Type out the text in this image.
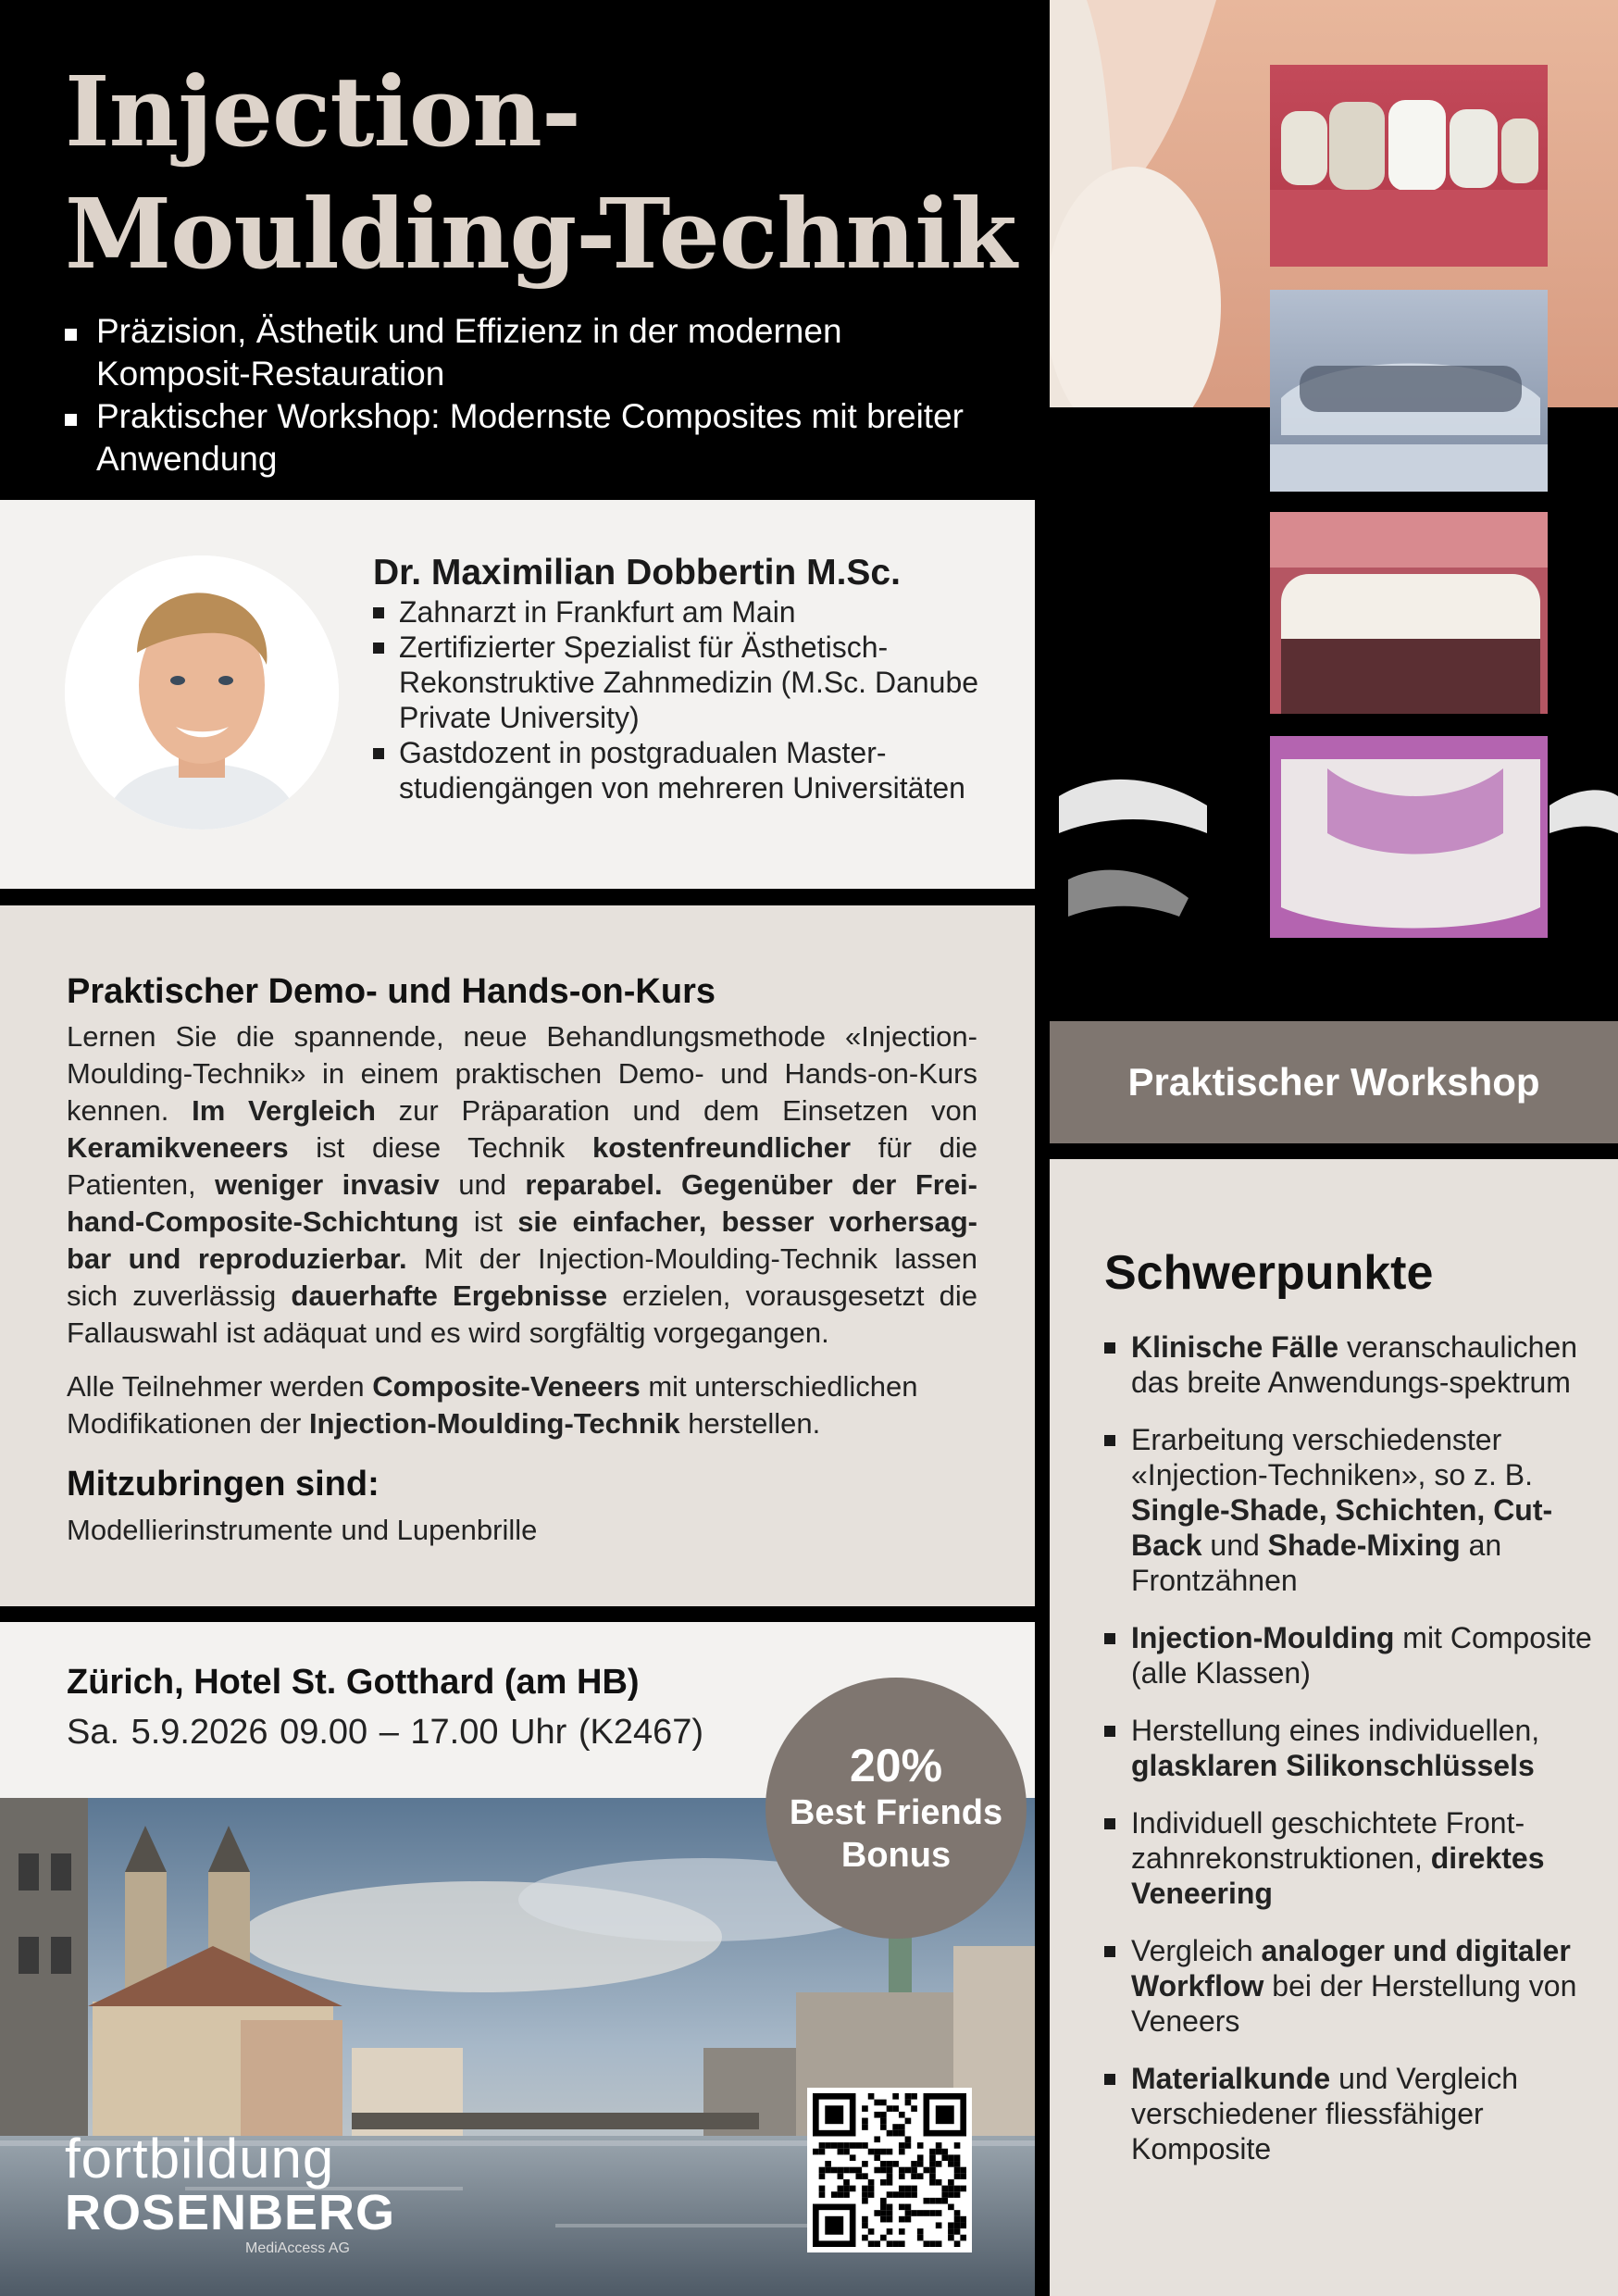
Injection-
Moulding-Technik
Präzision, Ästhetik und Effizienz in der modernen Komposit-Restauration
Praktischer Workshop: Modernste Composites mit breiter Anwendung
Dr. Maximilian Dobbertin M.Sc.
Zahnarzt in Frankfurt am Main
Zertifizierter Spezialist für Ästhetisch-Rekonstruktive Zahnmedizin (M.Sc. Danube Private University)
Gastdozent in postgradualen Master-studiengängen von mehreren Universitäten
Praktischer Demo- und Hands-on-Kurs

Lernen Sie die spannende, neue Behandlungsmethode «Injection-Moulding-Technik» in einem praktischen Demo- und Hands-on-Kurs kennen. Im Vergleich zur Präparation und dem Einsetzen von Keramikveneers ist diese Technik kostenfreundlicher für die Patienten, weniger invasiv und reparabel. Gegenüber der Frei-hand-Composite-Schichtung ist sie einfacher, besser vorhersag-bar und reproduzierbar. Mit der Injection-Moulding-Technik lassen sich zuverlässig dauerhafte Ergebnisse erzielen, vorausgesetzt die Fallauswahl ist adäquat und es wird sorgfältig vorgegangen.

Alle Teilnehmer werden Composite-Veneers mit unterschiedlichen Modifikationen der Injection-Moulding-Technik herstellen.

Mitzubringen sind:

Modellierinstrumente und Lupenbrille

Zürich, Hotel St. Gotthard (am HB)
Sa. 5.9.2026 09.00 – 17.00 Uhr (K2467)
20%
Best Friends
Bonus
fortbildung
ROSENBERG
MediAccess AG
Praktischer Workshop
Schwerpunkte
Klinische Fälle veranschaulichen das breite Anwendungs-spektrum
Erarbeitung verschiedenster «Injection-Techniken», so z. B. Single-Shade, Schichten, Cut-Back und Shade-Mixing an Frontzähnen
Injection-Moulding mit Composite (alle Klassen)
Herstellung eines individuellen, glasklaren Silikonschlüssels
Individuell geschichtete Front-zahnrekonstruktionen, direktes Veneering
Vergleich analoger und digitaler Workflow bei der Herstellung von Veneers
Materialkunde und Vergleich verschiedener fliessfähiger Komposite
